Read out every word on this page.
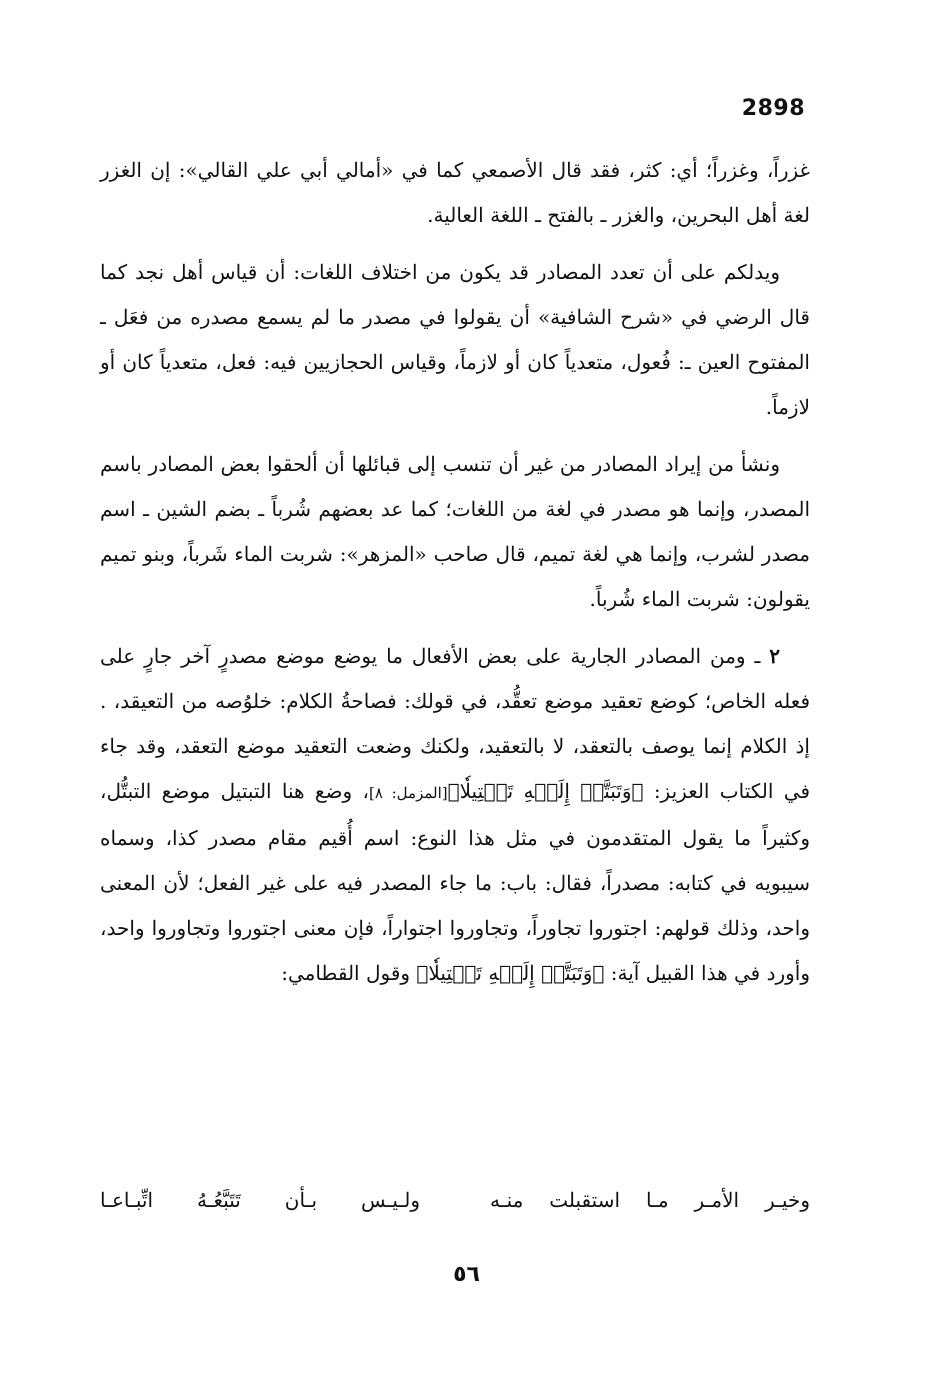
2898

غزراً، وغزراً؛ أي: كثر، فقد قال الأصمعي كما في «أمالي أبي علي القالي»: إن الغزر لغة أهل البحرين، والغزر ـ بالفتح ـ اللغة العالية.

ويدلكم على أن تعدد المصادر قد يكون من اختلاف اللغات: أن قياس أهل نجد كما قال الرضي في «شرح الشافية» أن يقولوا في مصدر ما لم يسمع مصدره من فعَل ـ المفتوح العين ـ: فُعول، متعدياً كان أو لازماً، وقياس الحجازيين فيه: فعل، متعدياً كان أو لازماً.

ونشأ من إيراد المصادر من غير أن تنسب إلى قبائلها أن ألحقوا بعض المصادر باسم المصدر، وإنما هو مصدر في لغة من اللغات؛ كما عد بعضهم شُرباً ـ بضم الشين ـ اسم مصدر لشرب، وإنما هي لغة تميم، قال صاحب «المزهر»: شربت الماء شَرباً، وبنو تميم يقولون: شربت الماء شُرباً.

٢ ـ ومن المصادر الجارية على بعض الأفعال ما يوضع موضع مصدرٍ آخر جارٍ على فعله الخاص؛ كوضع تعقيد موضع تعقُّد، في قولك: فصاحةُ الكلام: خلوُصه من التعيقد، . إذ الكلام إنما يوصف بالتعقد، لا بالتعقيد، ولكنك وضعت التعقيد موضع التعقد، وقد جاء في الكتاب العزيز: ﴿وَتَبَتَّلۡ إِلَيۡهِ تَبۡتِيلٗا﴾[المزمل: ٨]، وضع هنا التبتيل موضع التبتُّل، وكثيراً ما يقول المتقدمون في مثل هذا النوع: اسم أُقيم مقام مصدر كذا، وسماه سيبويه في كتابه: مصدراً، فقال: باب: ما جاء المصدر فيه على غير الفعل؛ لأن المعنى واحد، وذلك قولهم: اجتوروا تجاوراً، وتجاوروا اجتواراً، فإن معنى اجتوروا وتجاوروا واحد، وأورد في هذا القبيل آية: ﴿وَتَبَتَّلۡ إِلَيۡهِ تَبۡتِيلٗا﴾ وقول القطامي:

وخيـر الأمـر مـا استقبلت منـه
ولـيـس بـأن تَتَبَّعُـهُ اتِّبـاعـا
٥٦
